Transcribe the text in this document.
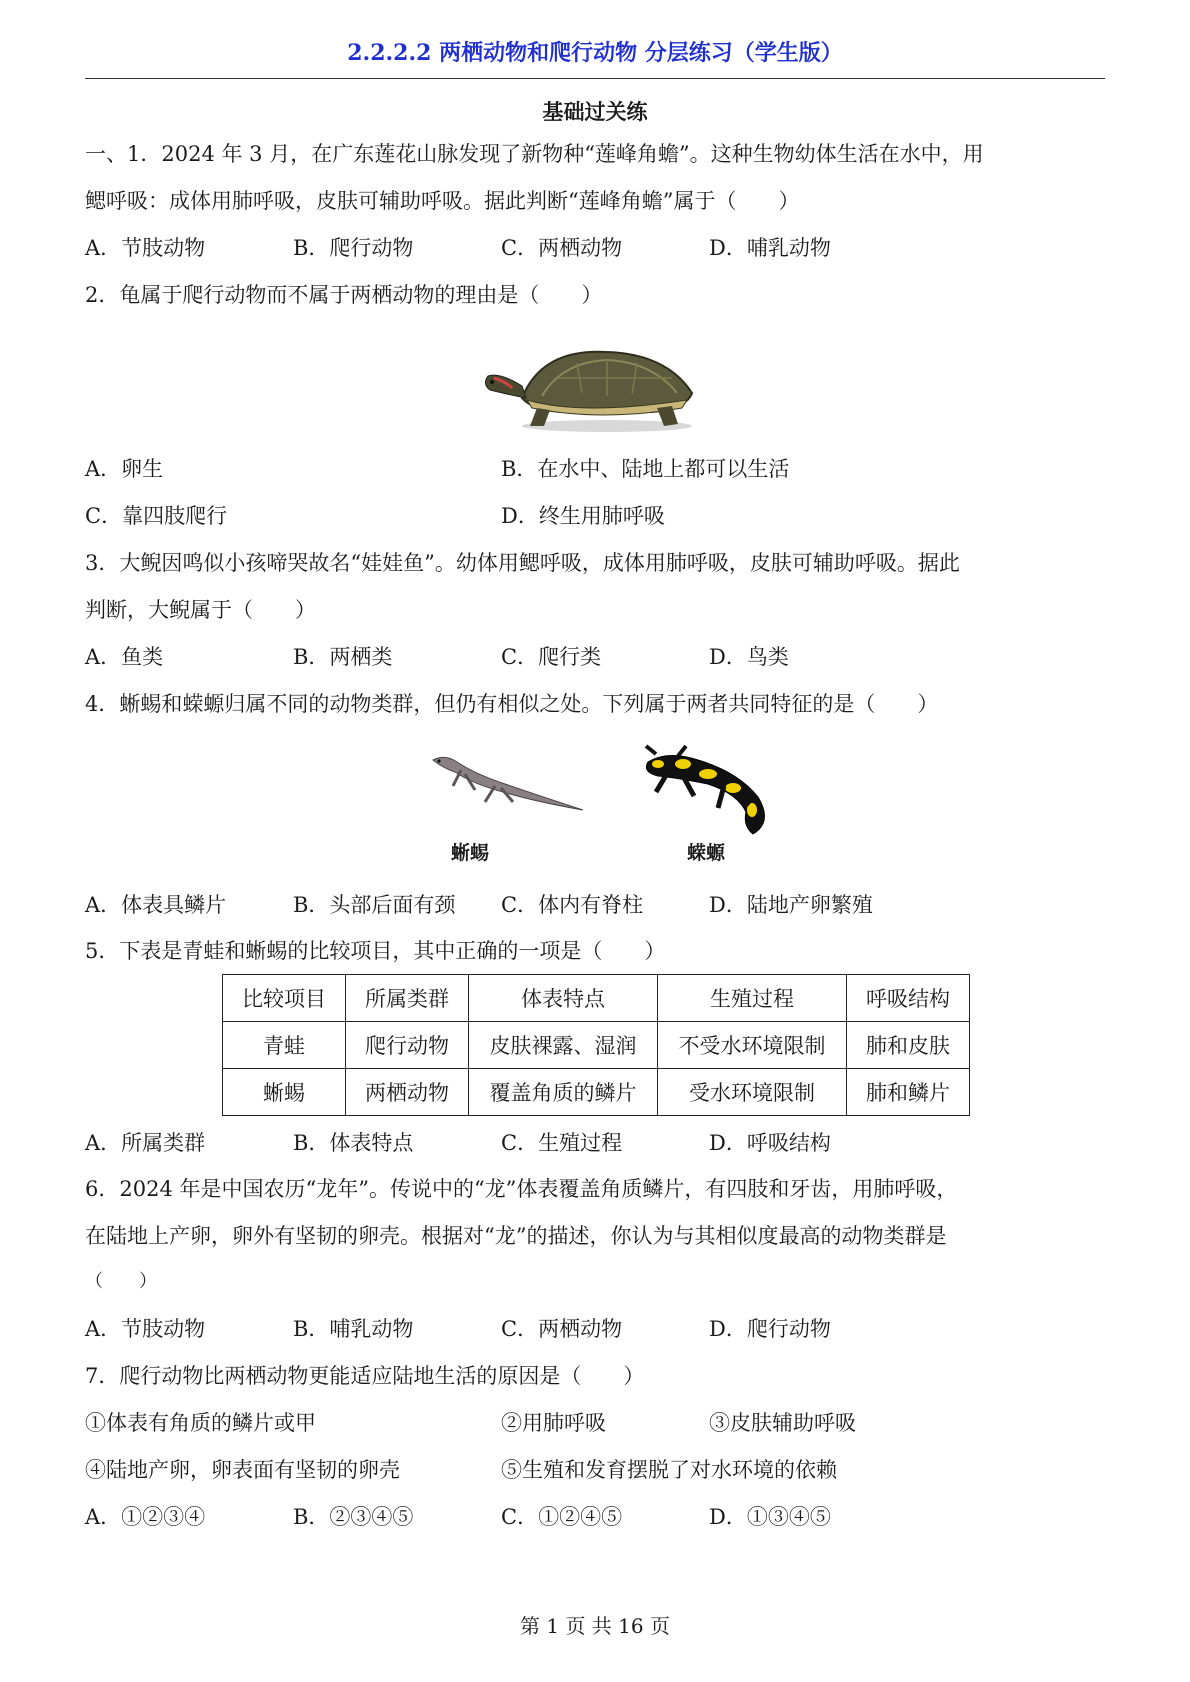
2.2.2.2 两栖动物和爬行动物 分层练习（学生版）
基础过关练
一、1．2024 年 3 月，在广东莲花山脉发现了新物种“莲峰角蟾”。这种生物幼体生活在水中，用
鳃呼吸：成体用肺呼吸，皮肤可辅助呼吸。据此判断“莲峰角蟾”属于（　　）
A．节肢动物	B．爬行动物	C．两栖动物	D．哺乳动物
2．龟属于爬行动物而不属于两栖动物的理由是（　　）
A．卵生	B．在水中、陆地上都可以生活
C．靠四肢爬行	D．终生用肺呼吸
3．大鲵因鸣似小孩啼哭故名“娃娃鱼”。幼体用鳃呼吸，成体用肺呼吸，皮肤可辅助呼吸。据此
判断，大鲵属于（　　）
A．鱼类	B．两栖类	C．爬行类	D．鸟类
4．蜥蜴和蝾螈归属不同的动物类群，但仍有相似之处。下列属于两者共同特征的是（　　）
蜥蜴	蝾螈
A．体表具鳞片	B．头部后面有颈 C．体内有脊柱	D．陆地产卵繁殖
5．下表是青蛙和蜥蜴的比较项目，其中正确的一项是（　　）
比较项目	所属类群	体表特点	生殖过程	呼吸结构
青蛙	爬行动物	皮肤裸露、湿润	不受水环境限制	肺和皮肤
蜥蜴	两栖动物	覆盖角质的鳞片	受水环境限制	肺和鳞片
A．所属类群	B．体表特点	C．生殖过程	D．呼吸结构
6．2024 年是中国农历“龙年”。传说中的“龙”体表覆盖角质鳞片，有四肢和牙齿，用肺呼吸，
在陆地上产卵，卵外有坚韧的卵壳。根据对“龙”的描述，你认为与其相似度最高的动物类群是
（　　）
A．节肢动物	B．哺乳动物	C．两栖动物	D．爬行动物
7．爬行动物比两栖动物更能适应陆地生活的原因是（　　）
①体表有角质的鳞片或甲	②用肺呼吸	③皮肤辅助呼吸
④陆地产卵，卵表面有坚韧的卵壳	⑤生殖和发育摆脱了对水环境的依赖
A．①②③④	B．②③④⑤	C．①②④⑤	D．①③④⑤
第 1 页 共 16 页
